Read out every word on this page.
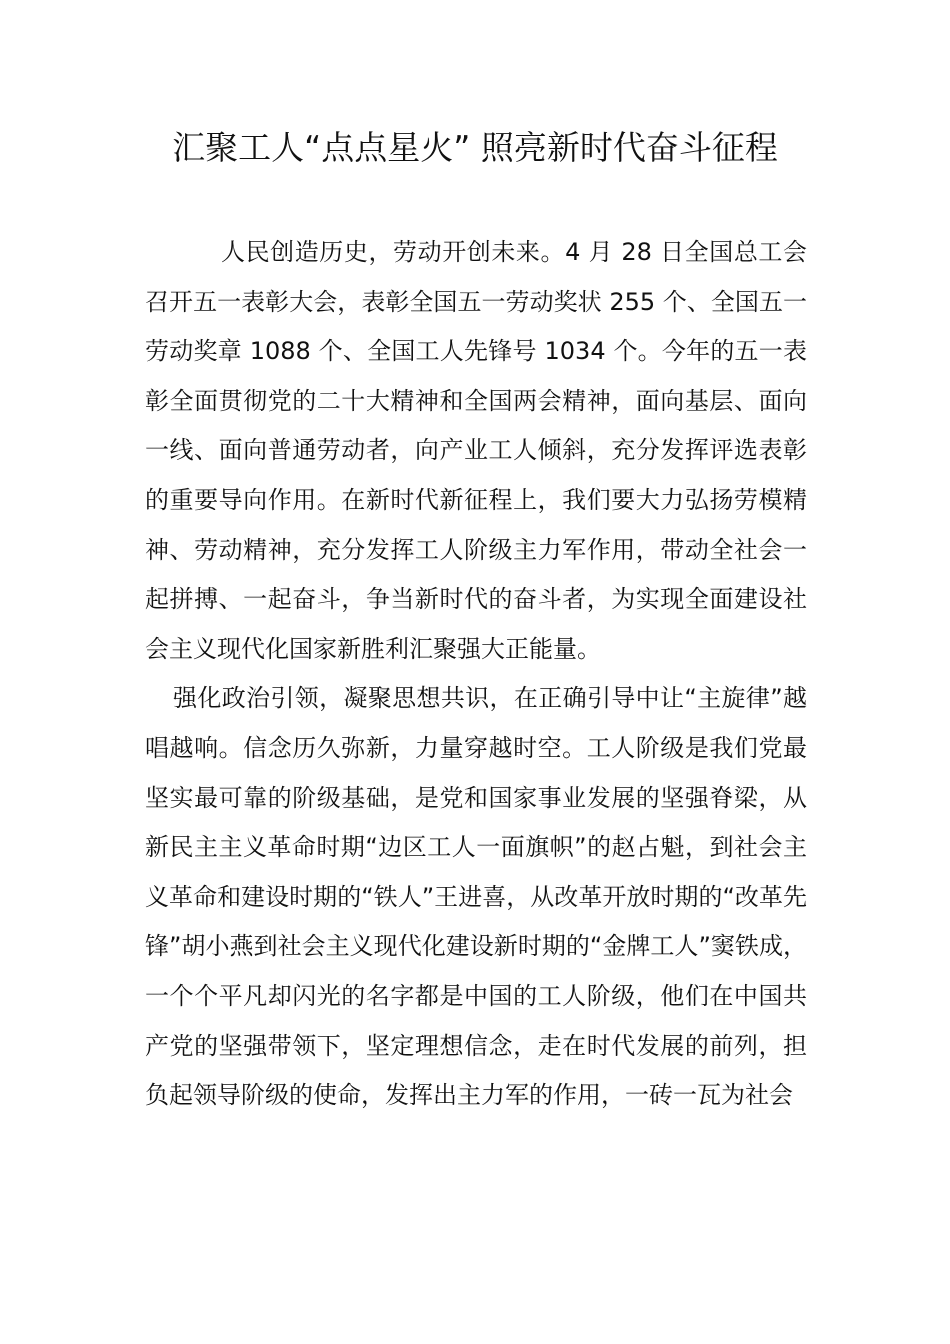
汇聚工人“点点星火” 照亮新时代奋斗征程

人民创造历史，劳动开创未来。4 月 28 日全国总工会召开五一表彰大会，表彰全国五一劳动奖状 255 个、全国五一劳动奖章 1088 个、全国工人先锋号 1034 个。今年的五一表彰全面贯彻党的二十大精神和全国两会精神，面向基层、面向一线、面向普通劳动者，向产业工人倾斜，充分发挥评选表彰的重要导向作用。在新时代新征程上，我们要大力弘扬劳模精神、劳动精神，充分发挥工人阶级主力军作用，带动全社会一起拼搏、一起奋斗，争当新时代的奋斗者，为实现全面建设社会主义现代化国家新胜利汇聚强大正能量。

强化政治引领，凝聚思想共识，在正确引导中让“主旋律”越唱越响。信念历久弥新，力量穿越时空。工人阶级是我们党最坚实最可靠的阶级基础，是党和国家事业发展的坚强脊梁，从新民主主义革命时期“边区工人一面旗帜”的赵占魁，到社会主义革命和建设时期的“铁人”王进喜，从改革开放时期的“改革先锋”胡小燕到社会主义现代化建设新时期的“金牌工人”窦铁成，一个个平凡却闪光的名字都是中国的工人阶级，他们在中国共产党的坚强带领下，坚定理想信念，走在时代发展的前列，担负起领导阶级的使命，发挥出主力军的作用，一砖一瓦为社会
